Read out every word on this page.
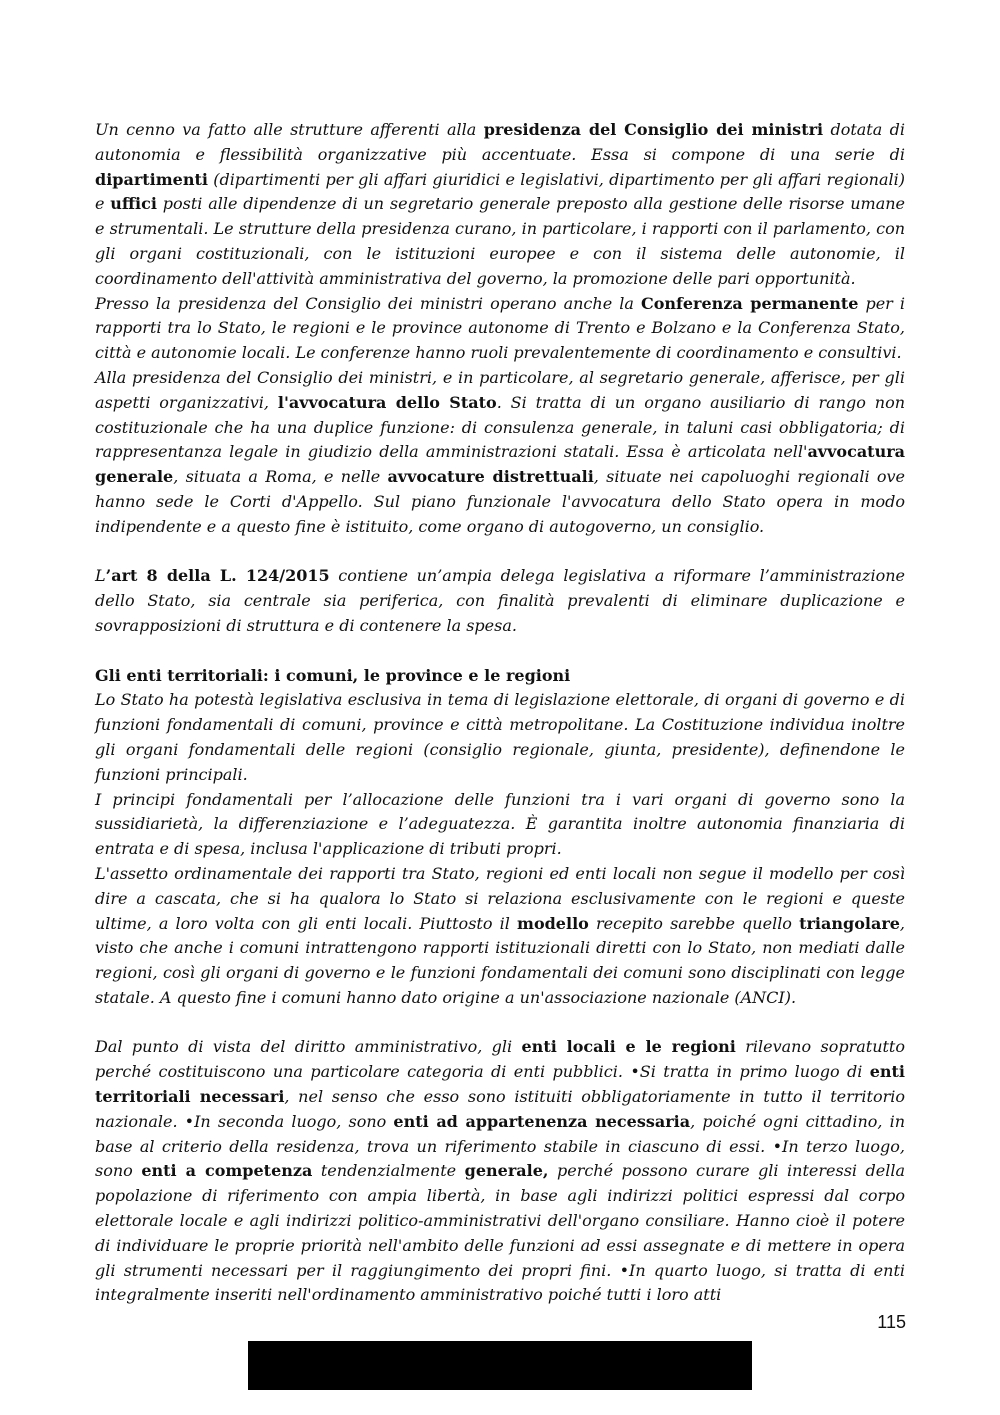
Un cenno va fatto alle strutture afferenti alla presidenza del Consiglio dei ministri dotata di autonomia e flessibilità organizzative più accentuate. Essa si compone di una serie di dipartimenti (dipartimenti per gli affari giuridici e legislativi, dipartimento per gli affari regionali) e uffici posti alle dipendenze di un segretario generale preposto alla gestione delle risorse umane e strumentali. Le strutture della presidenza curano, in particolare, i rapporti con il parlamento, con gli organi costituzionali, con le istituzioni europee e con il sistema delle autonomie, il coordinamento dell'attività amministrativa del governo, la promozione delle pari opportunità.

Presso la presidenza del Consiglio dei ministri operano anche la Conferenza permanente per i rapporti tra lo Stato, le regioni e le province autonome di Trento e Bolzano e la Conferenza Stato, città e autonomie locali. Le conferenze hanno ruoli prevalentemente di coordinamento e consultivi.

Alla presidenza del Consiglio dei ministri, e in particolare, al segretario generale, afferisce, per gli aspetti organizzativi, l'avvocatura dello Stato. Si tratta di un organo ausiliario di rango non costituzionale che ha una duplice funzione: di consulenza generale, in taluni casi obbligatoria; di rappresentanza legale in giudizio della amministrazioni statali. Essa è articolata nell'avvocatura generale, situata a Roma, e nelle avvocature distrettuali, situate nei capoluoghi regionali ove hanno sede le Corti d'Appello. Sul piano funzionale l'avvocatura dello Stato opera in modo indipendente e a questo fine è istituito, come organo di autogoverno, un consiglio.

L’art 8 della L. 124/2015 contiene un’ampia delega legislativa a riformare l’amministrazione dello Stato, sia centrale sia periferica, con finalità prevalenti di eliminare duplicazione e sovrapposizioni di struttura e di contenere la spesa.

Gli enti territoriali: i comuni, le province e le regioni

Lo Stato ha potestà legislativa esclusiva in tema di legislazione elettorale, di organi di governo e di funzioni fondamentali di comuni, province e città metropolitane. La Costituzione individua inoltre gli organi fondamentali delle regioni (consiglio regionale, giunta, presidente), definendone le funzioni principali.

I principi fondamentali per l’allocazione delle funzioni tra i vari organi di governo sono la sussidiarietà, la differenziazione e l’adeguatezza. È garantita inoltre autonomia finanziaria di entrata e di spesa, inclusa l'applicazione di tributi propri.

L'assetto ordinamentale dei rapporti tra Stato, regioni ed enti locali non segue il modello per così dire a cascata, che si ha qualora lo Stato si relaziona esclusivamente con le regioni e queste ultime, a loro volta con gli enti locali. Piuttosto il modello recepito sarebbe quello triangolare, visto che anche i comuni intrattengono rapporti istituzionali diretti con lo Stato, non mediati dalle regioni, così gli organi di governo e le funzioni fondamentali dei comuni sono disciplinati con legge statale. A questo fine i comuni hanno dato origine a un'associazione nazionale (ANCI).

Dal punto di vista del diritto amministrativo, gli enti locali e le regioni rilevano sopratutto perché costituiscono una particolare categoria di enti pubblici. •Si tratta in primo luogo di enti territoriali necessari, nel senso che esso sono istituiti obbligatoriamente in tutto il territorio nazionale. •In seconda luogo, sono enti ad appartenenza necessaria, poiché ogni cittadino, in base al criterio della residenza, trova un riferimento stabile in ciascuno di essi. •In terzo luogo, sono enti a competenza tendenzialmente generale, perché possono curare gli interessi della popolazione di riferimento con ampia libertà, in base agli indirizzi politici espressi dal corpo elettorale locale e agli indirizzi politico-amministrativi dell'organo consiliare. Hanno cioè il potere di individuare le proprie priorità nell'ambito delle funzioni ad essi assegnate e di mettere in opera gli strumenti necessari per il raggiungimento dei propri fini. •In quarto luogo, si tratta di enti integralmente inseriti nell'ordinamento amministrativo poiché tutti i loro atti

115
